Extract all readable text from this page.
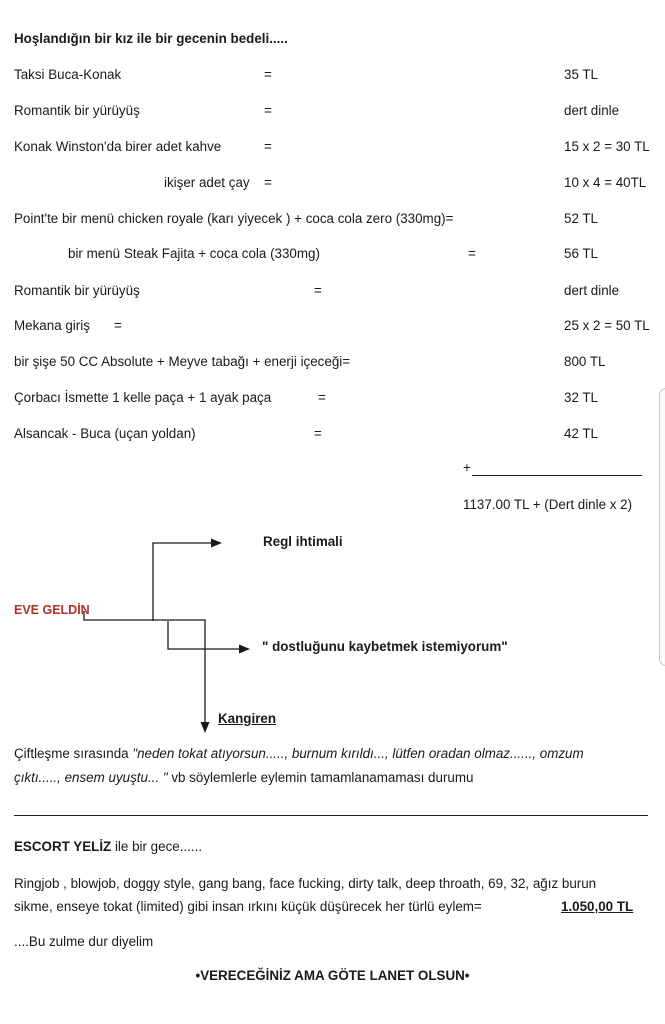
Hoşlandığın bir kız ile bir gecenin bedeli.....
Taksi Buca-Konak	=	35 TL
Romantik bir yürüyüş	=	dert dinle
Konak Winston'da birer adet kahve	=	15 x 2 = 30 TL
ikişer adet çay =	10 x 4 = 40TL
Point'te bir menü chicken royale (karı yiyecek ) + coca cola zero (330mg)=	52 TL
bir menü Steak Fajita + coca cola (330mg)	=	56 TL
Romantik bir yürüyüş	=	dert dinle
Mekana giriş =	25 x 2 = 50 TL
bir şişe 50 CC Absolute + Meyve tabağı + enerji içeceği=	800 TL
Çorbacı İsmette 1 kelle paça + 1 ayak paça	=	32 TL
Alsancak - Buca (uçan yoldan)	=	42 TL
+
1137.00 TL + (Dert dinle x 2)
EVE GELDİN
Regl ihtimali
" dostluğunu kaybetmek istemiyorum"
Kangiren
Çiftleşme sırasında "neden tokat atıyorsun....., burnum kırıldı..., lütfen oradan olmaz......, omzum
çıktı....., ensem uyuştu... " vb söylemlerle eylemin tamamlanamaması durumu
ESCORT YELİZ ile bir gece......
Ringjob , blowjob, doggy style, gang bang, face fucking, dirty talk, deep throath, 69, 32, ağız burun
sikme, enseye tokat (limited) gibi insan ırkını küçük düşürecek her türlü eylem=	1.050,00 TL
....Bu zulme dur diyelim
•VERECEĞİNİZ AMA GÖTE LANET OLSUN•
